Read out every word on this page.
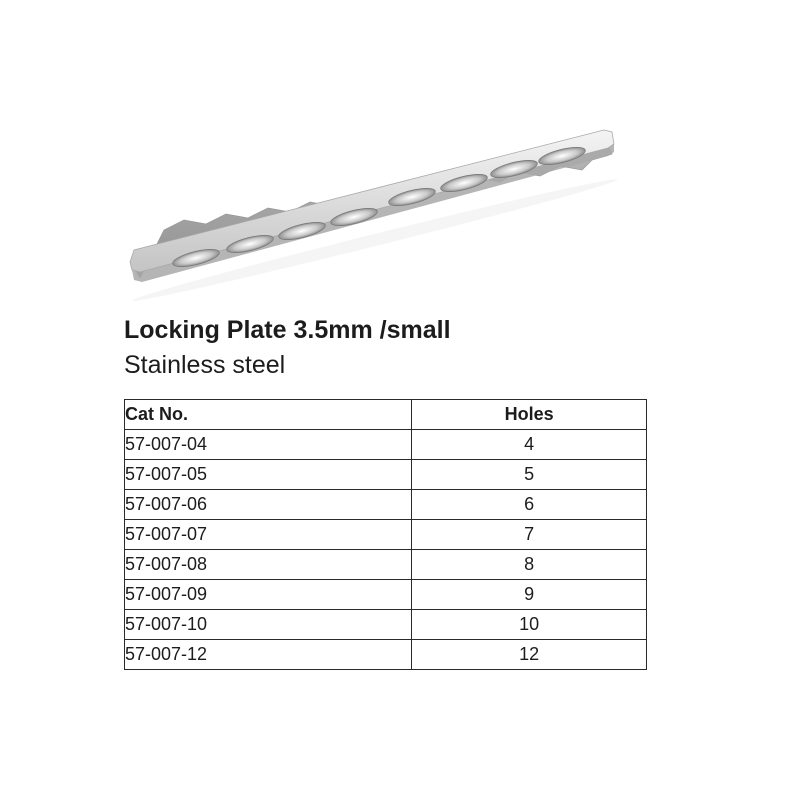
Locking Plate 3.5mm /small
Stainless steel
Cat No.	Holes
57-007-04	4
57-007-05	5
57-007-06	6
57-007-07	7
57-007-08	8
57-007-09	9
57-007-10	10
57-007-12	12
